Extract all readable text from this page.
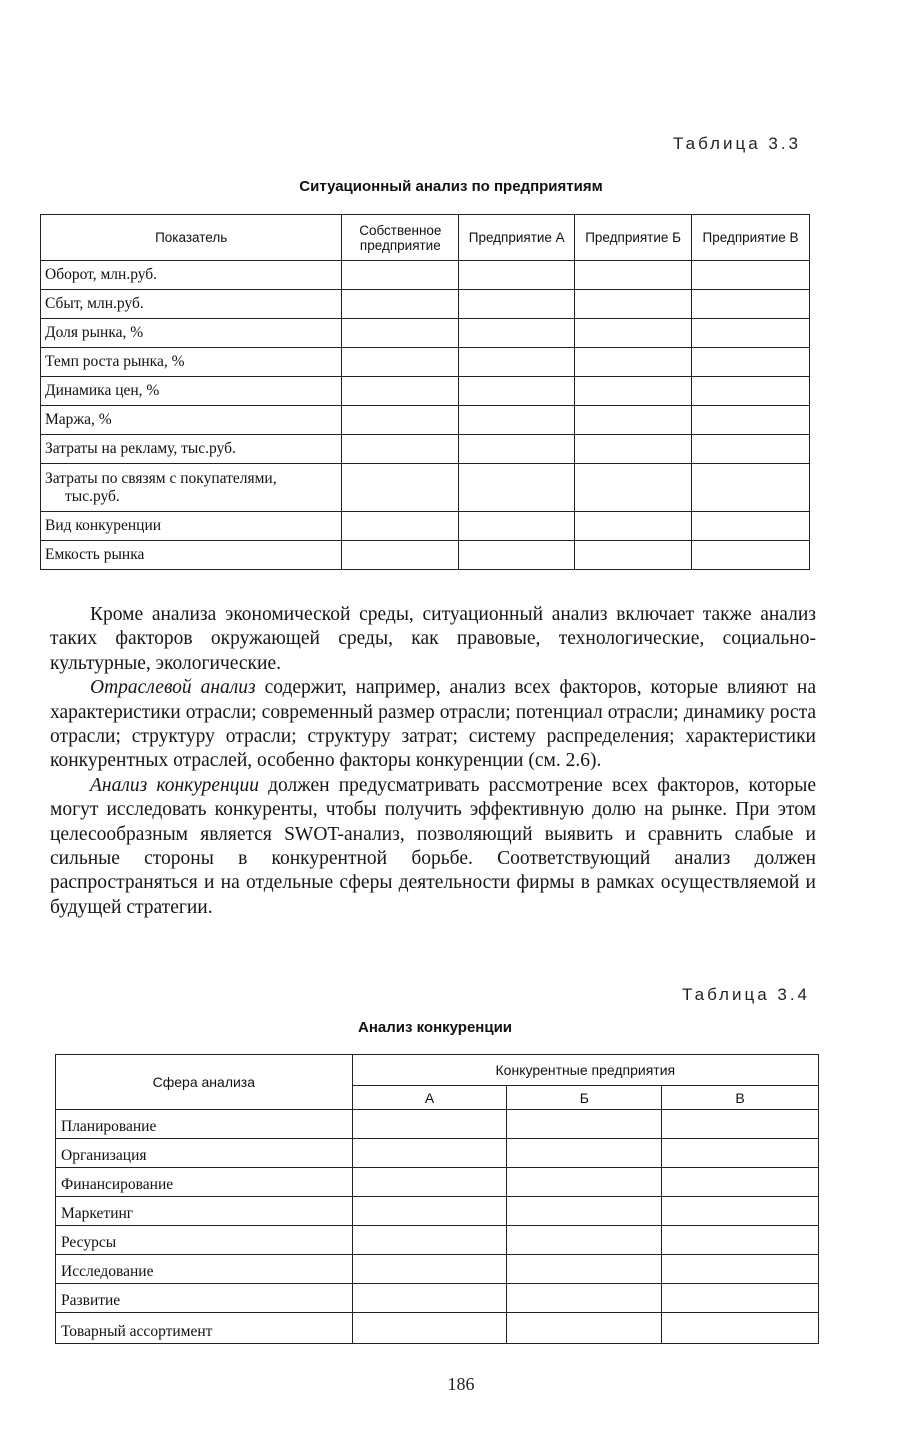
Таблица 3.3
Ситуационный анализ по предприятиям
Показатель	Собственное предприятие	Предприятие А	Предприятие Б	Предприятие В
Оборот, млн.руб.				
Сбыт, млн.руб.				
Доля рынка, %				
Темп роста рынка, %				
Динамика цен, %				
Маржа, %				
Затраты на рекламу, тыс.руб.				
Затраты по связям с покупателями,
тыс.руб.				

Вид конкуренции				
Емкость рынка				

Кроме анализа экономической среды, ситуационный анализ включает также анализ таких факторов окружающей среды, как правовые, технологические, социально-культурные, экологические.

Отраслевой анализ содержит, например, анализ всех факторов, которые влияют на характеристики отрасли; современный размер отрасли; потенциал отрасли; динамику роста отрасли; структуру отрасли; структуру затрат; систему распределения; характеристики конкурентных отраслей, особенно факторы конкуренции (см. 2.6).

Анализ конкуренции должен предусматривать рассмотрение всех факторов, которые могут исследовать конкуренты, чтобы получить эффективную долю на рынке. При этом целесообразным является SWOT-анализ, позволяющий выявить и сравнить слабые и сильные стороны в конкурентной борьбе. Соответствующий анализ должен распространяться и на отдельные сферы деятельности фирмы в рамках осуществляемой и будущей стратегии.

Таблица 3.4
Анализ конкуренции
Сфера анализа	Конкурентные предприятия		
	А	Б	В
Планирование			
Организация			
Финансирование			
Маркетинг			
Ресурсы			
Исследование			
Развитие			
Товарный ассортимент			
186
